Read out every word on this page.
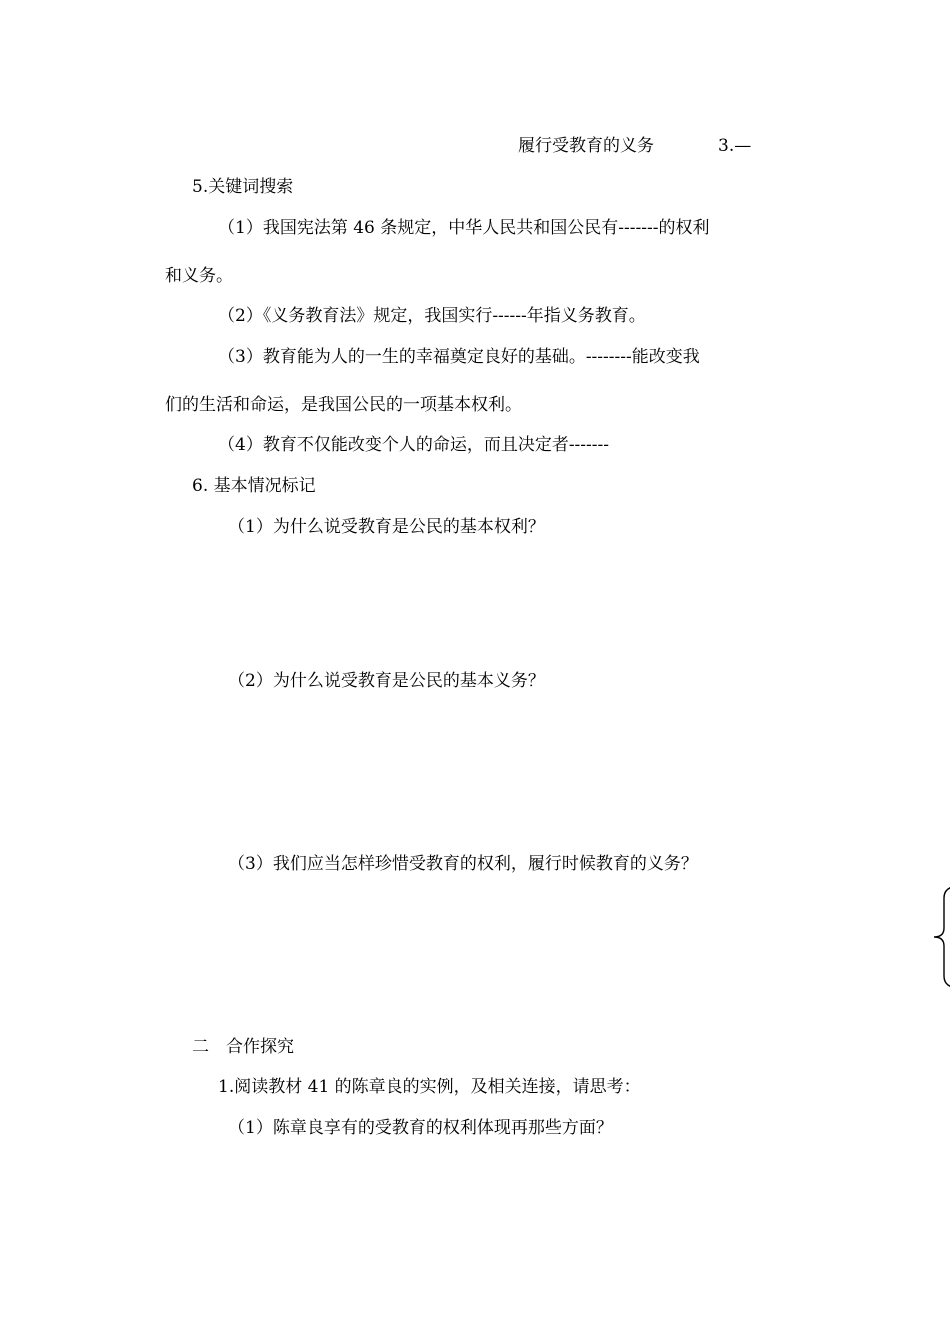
履行受教育的义务	3.—
5.关键词搜索
（1）我国宪法第 46 条规定，中华人民共和国公民有-------的权利
和义务。
（2）《义务教育法》规定，我国实行------年指义务教育。
（3）教育能为人的一生的幸福奠定良好的基础。--------能改变我
们的生活和命运，是我国公民的一项基本权利。
（4）教育不仅能改变个人的命运，而且决定者-------
6. 基本情况标记
（1）为什么说受教育是公民的基本权利？
（2）为什么说受教育是公民的基本义务？
（3）我们应当怎样珍惜受教育的权利，履行时候教育的义务？
二　合作探究
1.阅读教材 41 的陈章良的实例，及相关连接，请思考：
（1）陈章良享有的受教育的权利体现再那些方面？
